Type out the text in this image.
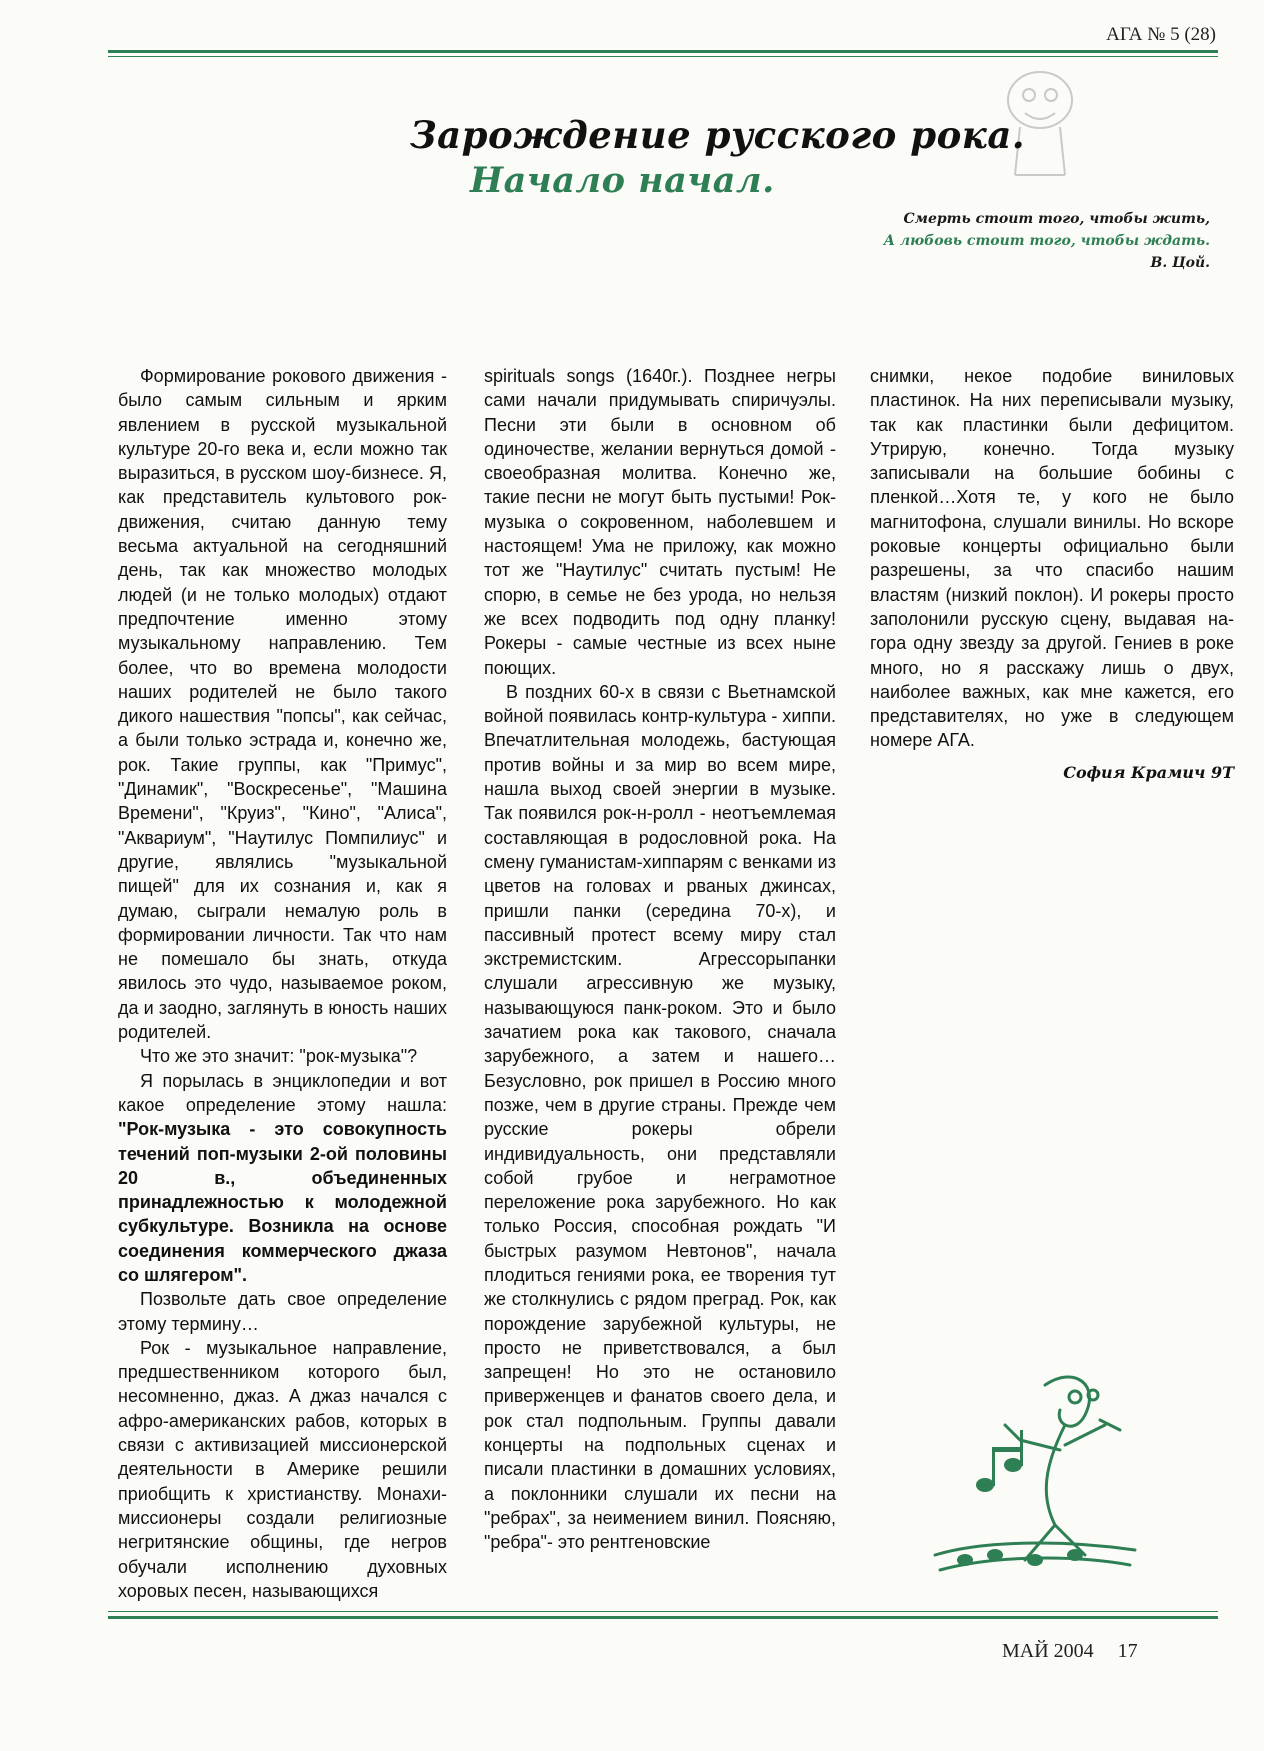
АГА № 5 (28)
Зарождение русского рока.
Начало начал.
Смерть стоит того, чтобы жить,
А любовь стоит того, чтобы ждать.
В. Цой.

Формирование рокового движения - было самым сильным и ярким явлением в русской музыкальной культуре 20-го века и, если можно так выразиться, в русском шоу-бизнесе. Я, как представитель культового рок-движения, считаю данную тему весьма актуальной на сегодняшний день, так как множество молодых людей (и не только молодых) отдают предпочтение именно этому музыкальному направлению. Тем более, что во времена молодости наших родителей не было такого дикого нашествия "попсы", как сейчас, а были только эстрада и, конечно же, рок. Такие группы, как "Примус", "Динамик", "Воскресенье", "Машина Времени", "Круиз", "Кино", "Алиса", "Аквариум", "Наутилус Помпилиус" и другие, являлись "музыкальной пищей" для их сознания и, как я думаю, сыграли немалую роль в формировании личности. Так что нам не помешало бы знать, откуда явилось это чудо, называемое роком, да и заодно, заглянуть в юность наших родителей.

Что же это значит: "рок-музыка"?

Я порылась в энциклопедии и вот какое определение этому нашла: "Рок-музыка - это совокупность течений поп-музыки 2-ой половины 20 в., объединенных принадлежностью к молодежной субкультуре. Возникла на основе соединения коммерческого джаза со шлягером".

Позвольте дать свое определение этому термину…

Рок - музыкальное направление, предшественником которого был, несомненно, джаз. А джаз начался с афро-американских рабов, которых в связи с активизацией миссионерской деятельности в Америке решили приобщить к христианству. Монахи- миссионеры создали религиозные негритянские общины, где негров обучали исполнению духовных хоровых песен, называющихся

spirituals songs (1640г.). Позднее негры сами начали придумывать спиричуэлы. Песни эти были в основном об одиночестве, желании вернуться домой - своеобразная молитва. Конечно же, такие песни не могут быть пустыми! Рок-музыка о сокровенном, наболевшем и настоящем! Ума не приложу, как можно тот же "Наутилус" считать пустым! Не спорю, в семье не без урода, но нельзя же всех подводить под одну планку! Рокеры - самые честные из всех ныне поющих.

В поздних 60-х в связи с Вьетнамской войной появилась контр-культура - хиппи. Впечатлительная молодежь, бастующая против войны и за мир во всем мире, нашла выход своей энергии в музыке. Так появился рок-н-ролл - неотъемлемая составляющая в родословной рока. На смену гуманистам-хиппарям с венками из цветов на головах и рваных джинсах, пришли панки (середина 70-х), и пассивный протест всему миру стал экстремистским. Агрессорыпанки слушали агрессивную же музыку, называющуюся панк-роком. Это и было зачатием рока как такового, сначала зарубежного, а затем и нашего…Безусловно, рок пришел в Россию много позже, чем в другие страны. Прежде чем русские рокеры обрели индивидуальность, они представляли собой грубое и неграмотное переложение рока зарубежного. Но как только Россия, способная рождать "И быстрых разумом Невтонов", начала плодиться гениями рока, ее творения тут же столкнулись с рядом преград. Рок, как порождение зарубежной культуры, не просто не приветствовался, а был запрещен! Но это не остановило приверженцев и фанатов своего дела, и рок стал подпольным. Группы давали концерты на подпольных сценах и писали пластинки в домашних условиях, а поклонники слушали их песни на "ребрах", за неимением винил. Поясняю, "ребра"- это рентгеновские

снимки, некое подобие виниловых пластинок. На них переписывали музыку, так как пластинки были дефицитом. Утрирую, конечно. Тогда музыку записывали на большие бобины с пленкой…Хотя те, у кого не было магнитофона, слушали винилы. Но вскоре роковые концерты официально были разрешены, за что спасибо нашим властям (низкий поклон). И рокеры просто заполонили русскую сцену, выдавая на-гора одну звезду за другой. Гениев в роке много, но я расскажу лишь о двух, наиболее важных, как мне кажется, его представителях, но уже в следующем номере АГА.

София Крамич 9Т
МАЙ 2004 17
